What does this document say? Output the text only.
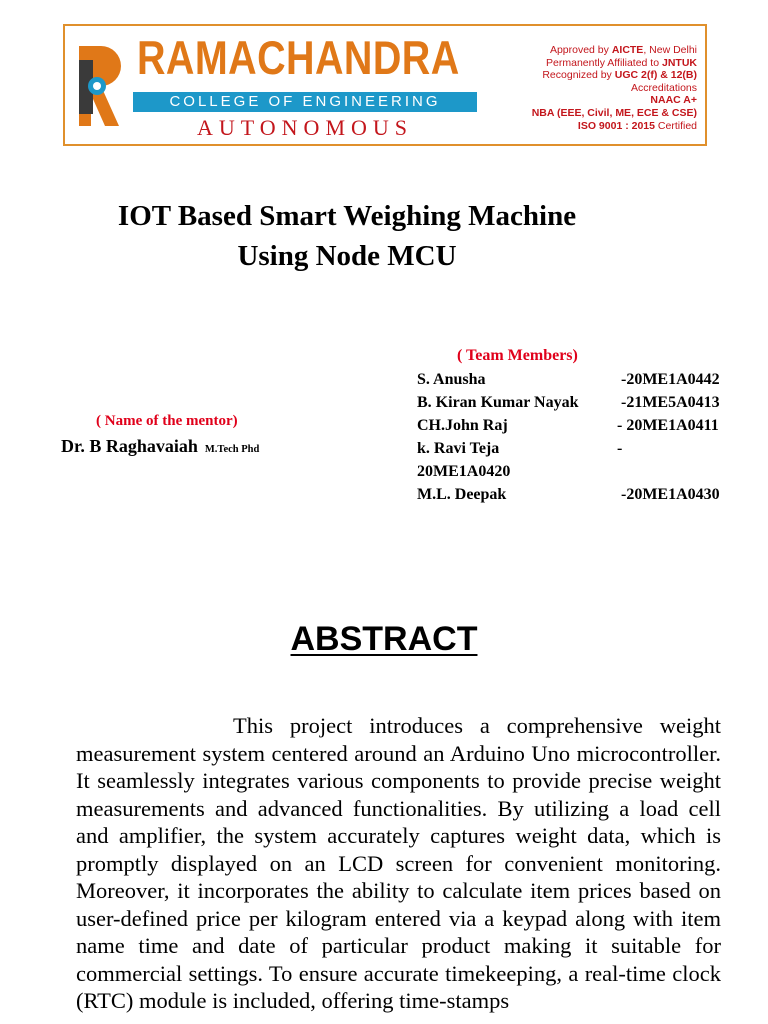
RAMACHANDRA
COLLEGE OF ENGINEERING
AUTONOMOUS
Approved by AICTE, New Delhi
Permanently Affiliated to JNTUK
Recognized by UGC 2(f) & 12(B)
Accreditations
NAAC A+
NBA (EEE, Civil, ME, ECE & CSE)
ISO 9001 : 2015 Certified
IOT Based Smart Weighing Machine
Using Node MCU
( Team Members)
S. Anusha	-20ME1A0442
B. Kiran Kumar Nayak	-21ME5A0413
CH.John Raj	- 20ME1A0411
k. Ravi Teja	-
20ME1A0420
M.L. Deepak	-20ME1A0430
( Name of the mentor)
Dr. B Raghavaiah M.Tech Phd
ABSTRACT

This project introduces a comprehensive weight measurement system centered around an Arduino Uno microcontroller. It seamlessly integrates various components to provide precise weight measurements and advanced functionalities. By utilizing a load cell and amplifier, the system accurately captures weight data, which is promptly displayed on an LCD screen for convenient monitoring. Moreover, it incorporates the ability to calculate item prices based on user-defined price per kilogram entered via a keypad along with item name time and date of particular product making it suitable for commercial settings. To ensure accurate timekeeping, a real-time clock (RTC) module is included, offering time-stamps
